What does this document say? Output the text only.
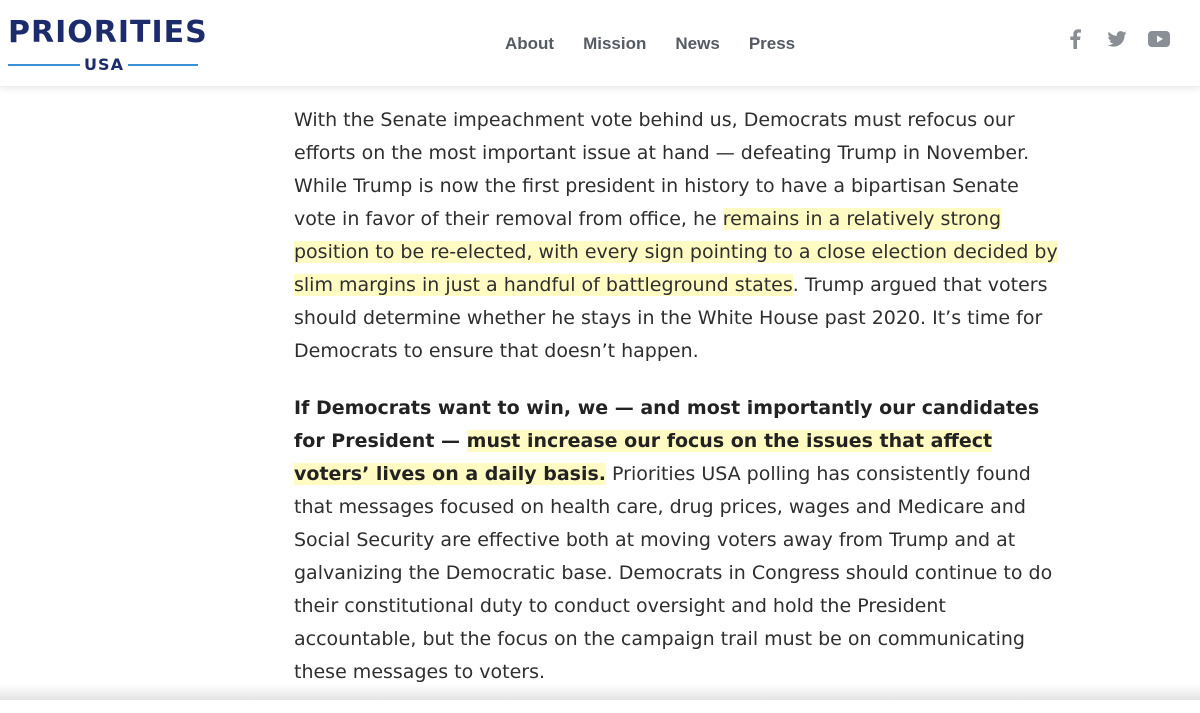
PRIORITIES
USA
About Mission News Press

With the Senate impeachment vote behind us, Democrats must refocus our efforts on the most important issue at hand — defeating Trump in November. While Trump is now the first president in history to have a bipartisan Senate vote in favor of their removal from office, he remains in a relatively strong position to be re-elected, with every sign pointing to a close election decided by slim margins in just a handful of battleground states. Trump argued that voters should determine whether he stays in the White House past 2020. It’s time for Democrats to ensure that doesn’t happen.

If Democrats want to win, we — and most importantly our candidates for President — must increase our focus on the issues that affect voters’ lives on a daily basis. Priorities USA polling has consistently found that messages focused on health care, drug prices, wages and Medicare and Social Security are effective both at moving voters away from Trump and at galvanizing the Democratic base. Democrats in Congress should continue to do their constitutional duty to conduct oversight and hold the President accountable, but the focus on the campaign trail must be on communicating these messages to voters.
